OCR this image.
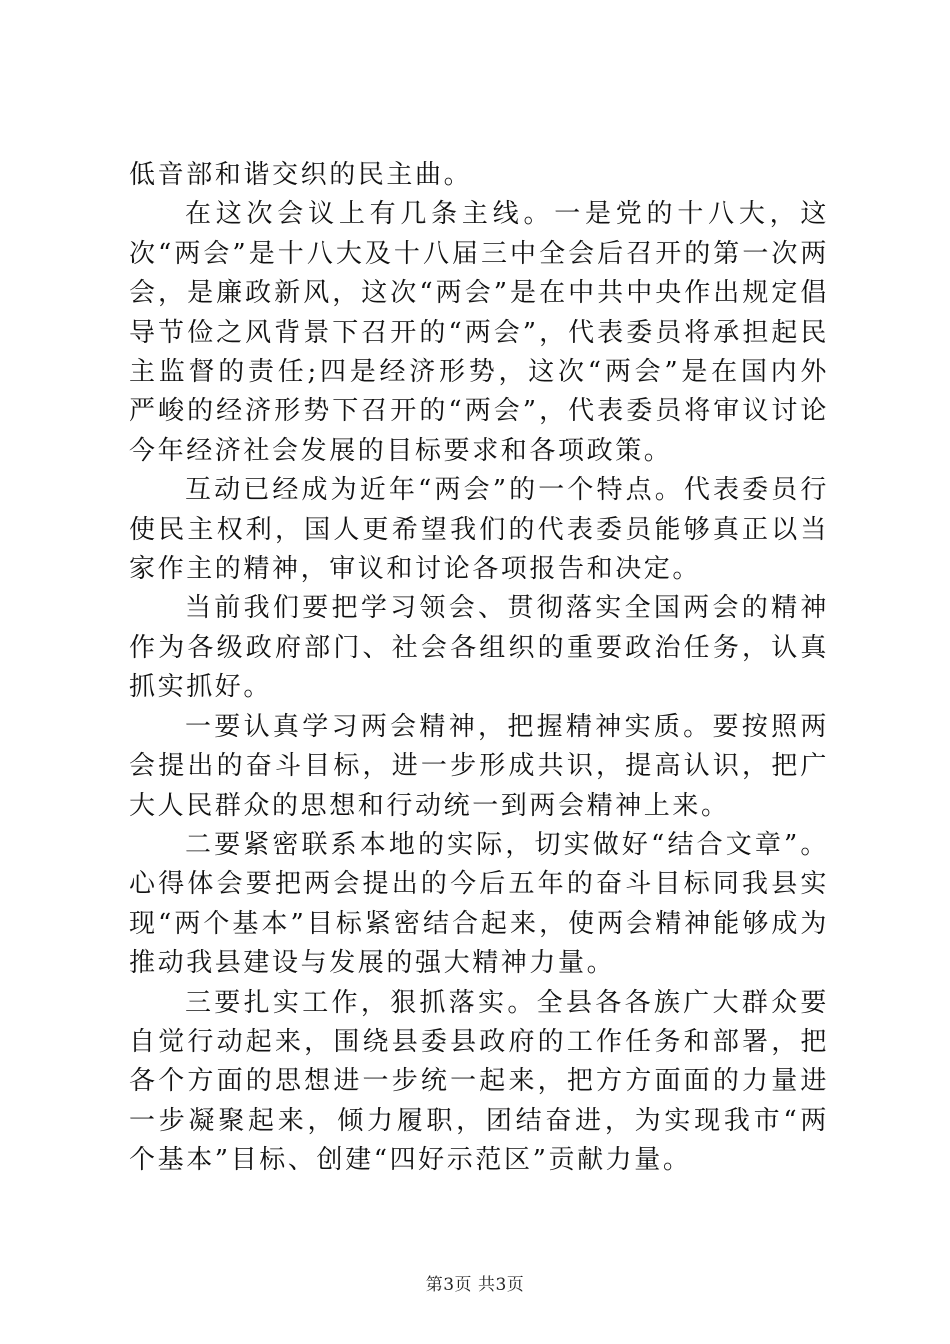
低音部和谐交织的民主曲。

在这次会议上有几条主线。一是党的十八大，这次“两会”是十八大及十八届三中全会后召开的第一次两会，是廉政新风，这次“两会”是在中共中央作出规定倡导节俭之风背景下召开的“两会”，代表委员将承担起民主监督的责任;四是经济形势，这次“两会”是在国内外严峻的经济形势下召开的“两会”，代表委员将审议讨论今年经济社会发展的目标要求和各项政策。

互动已经成为近年“两会”的一个特点。代表委员行使民主权利，国人更希望我们的代表委员能够真正以当家作主的精神，审议和讨论各项报告和决定。

当前我们要把学习领会、贯彻落实全国两会的精神作为各级政府部门、社会各组织的重要政治任务，认真抓实抓好。

一要认真学习两会精神，把握精神实质。要按照两会提出的奋斗目标，进一步形成共识，提高认识，把广大人民群众的思想和行动统一到两会精神上来。

二要紧密联系本地的实际，切实做好“结合文章”。心得体会要把两会提出的今后五年的奋斗目标同我县实现“两个基本”目标紧密结合起来，使两会精神能够成为推动我县建设与发展的强大精神力量。

三要扎实工作，狠抓落实。全县各各族广大群众要自觉行动起来，围绕县委县政府的工作任务和部署，把各个方面的思想进一步统一起来，把方方面面的力量进一步凝聚起来，倾力履职，团结奋进，为实现我市“两个基本”目标、创建“四好示范区”贡献力量。

第3页 共3页
